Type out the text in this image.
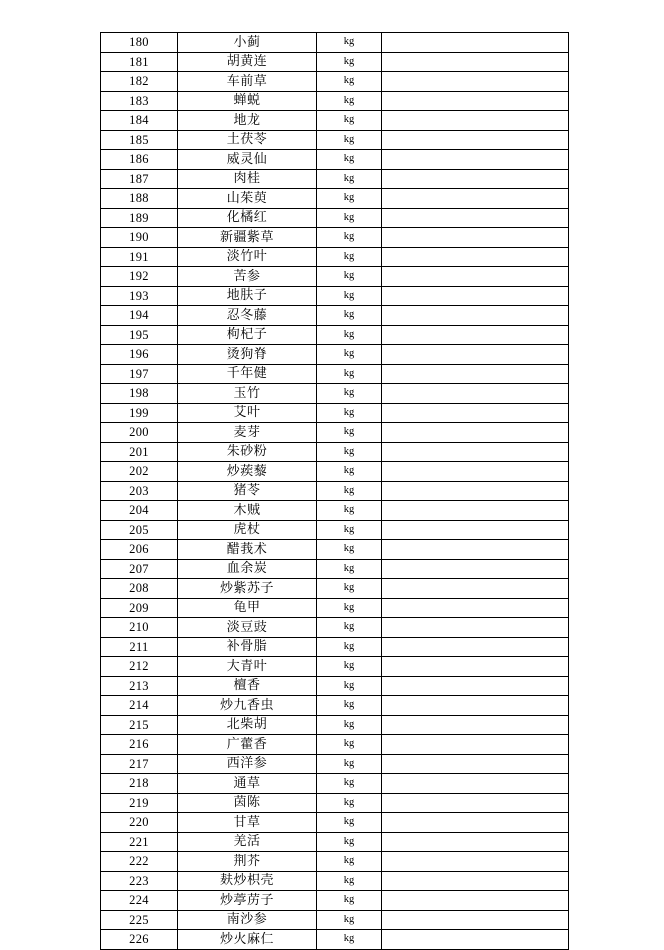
180	小蓟	kg	
181	胡黄连	kg	
182	车前草	kg	
183	蝉蜕	kg	
184	地龙	kg	
185	土茯苓	kg	
186	威灵仙	kg	
187	肉桂	kg	
188	山茱萸	kg	
189	化橘红	kg	
190	新疆紫草	kg	
191	淡竹叶	kg	
192	苦参	kg	
193	地肤子	kg	
194	忍冬藤	kg	
195	枸杞子	kg	
196	烫狗脊	kg	
197	千年健	kg	
198	玉竹	kg	
199	艾叶	kg	
200	麦芽	kg	
201	朱砂粉	kg	
202	炒蒺藜	kg	
203	猪苓	kg	
204	木贼	kg	
205	虎杖	kg	
206	醋莪术	kg	
207	血余炭	kg	
208	炒紫苏子	kg	
209	龟甲	kg	
210	淡豆豉	kg	
211	补骨脂	kg	
212	大青叶	kg	
213	檀香	kg	
214	炒九香虫	kg	
215	北柴胡	kg	
216	广藿香	kg	
217	西洋参	kg	
218	通草	kg	
219	茵陈	kg	
220	甘草	kg	
221	羌活	kg	
222	荆芥	kg	
223	麸炒枳壳	kg	
224	炒葶苈子	kg	
225	南沙参	kg	
226	炒火麻仁	kg	
